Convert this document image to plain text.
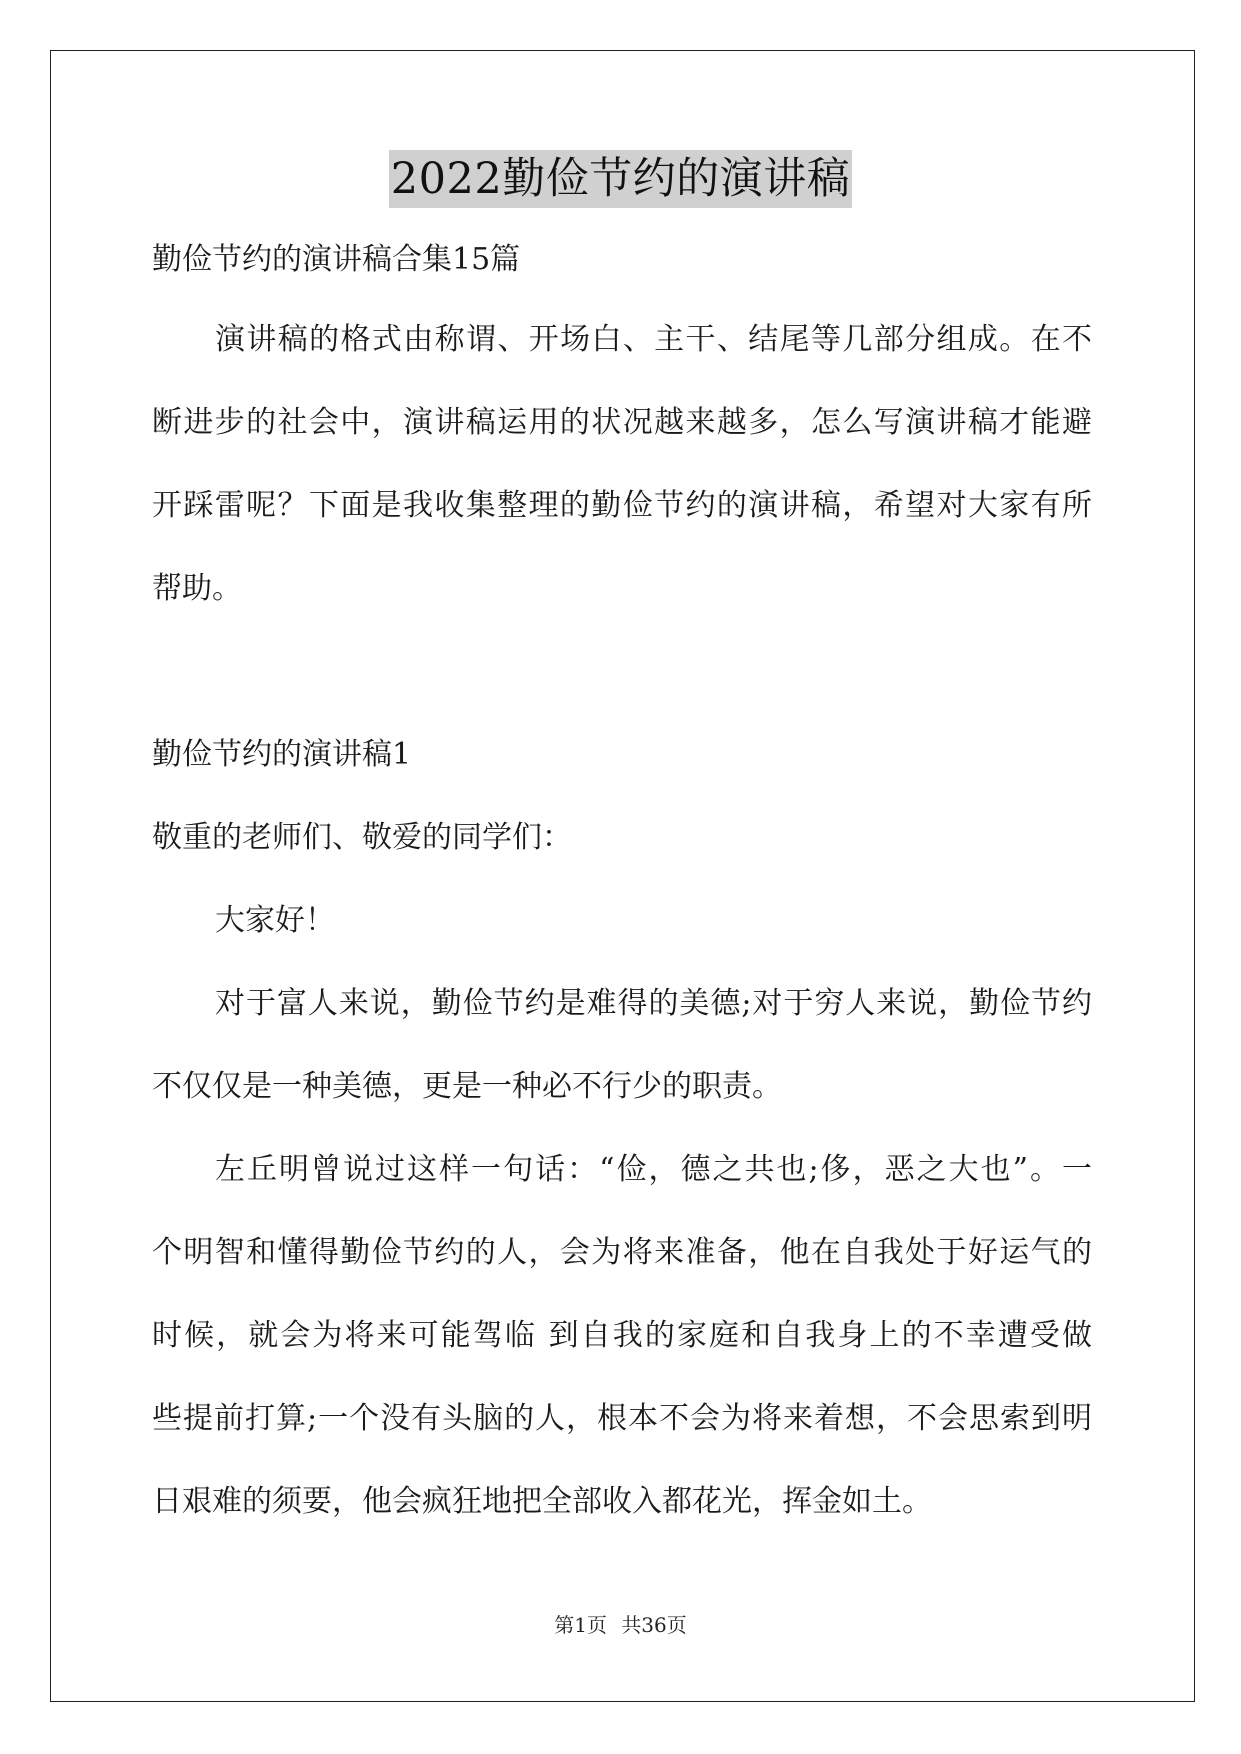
2022勤俭节约的演讲稿
勤俭节约的演讲稿合集15篇
演讲稿的格式由称谓、开场白、主干、结尾等几部分组成。在不
断进步的社会中，演讲稿运用的状况越来越多，怎么写演讲稿才能避
开踩雷呢？下面是我收集整理的勤俭节约的演讲稿，希望对大家有所
帮助。
勤俭节约的演讲稿1
敬重的老师们、敬爱的同学们：
大家好！
对于富人来说，勤俭节约是难得的美德;对于穷人来说，勤俭节约
不仅仅是一种美德，更是一种必不行少的职责。
左丘明曾说过这样一句话：“俭，德之共也;侈，恶之大也”。一
个明智和懂得勤俭节约的人，会为将来准备，他在自我处于好运气的
时候，就会为将来可能驾临 到自我的家庭和自我身上的不幸遭受做
些提前打算;一个没有头脑的人，根本不会为将来着想，不会思索到明
日艰难的须要，他会疯狂地把全部收入都花光，挥金如土。
第1页 共36页
